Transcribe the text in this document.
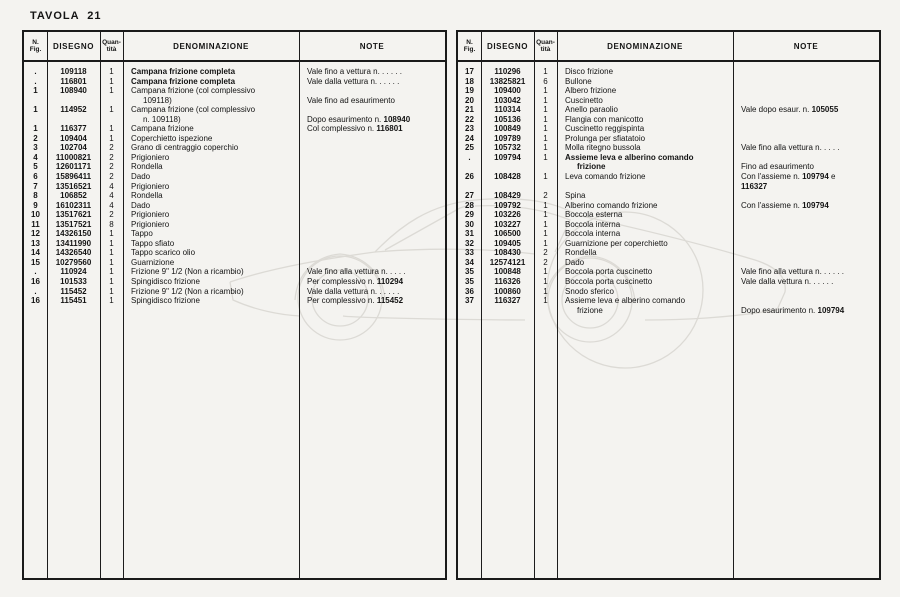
TAVOLA  21
N.
Fig. DISEGNO Quan-
tità	DENOMINAZIONE	NOTE
.	109118	1	Campana frizione completa	Vale fino a vettura n. . . . . .
.	116801	1	Campana frizione completa	Vale dalla vettura n. . . . . .
1	108940	1	Campana frizione (col complessivo
109118)	Vale fino ad esaurimento
1	114952	1	Campana frizione (col complessivo
n. 109118)	Dopo esaurimento n. 108940
1	116377	1	Campana frizione	Col complessivo n. 116801
2	109404	1	Coperchietto ispezione
3	102704	2	Grano di centraggio coperchio
4	11000821	2	Prigioniero
5	12601171	2	Rondella
6	15896411	2	Dado
7	13516521	4	Prigioniero
8	106852	4	Rondella
9	16102311	4	Dado
10	13517621	2	Prigioniero
11	13517521	8	Prigioniero
12	14326150	1	Tappo
13	13411990	1	Tappo sfiato
14	14326540	1	Tappo scarico olio
15	10279560	1	Guarnizione
.	110924	1	Frizione 9" 1/2 (Non a ricambio)	Vale fino alla vettura n. . . . .
16	101533	1	Spingidisco frizione	Per complessivo n. 110294
.	115452	1	Frizione 9" 1/2 (Non a ricambio)	Vale dalla vettura n. . . . . .
16	115451	1	Spingidisco frizione	Per complessivo n. 115452
N.
Fig. DISEGNO Quan-
tità	DENOMINAZIONE	NOTE
17	110296	1	Disco frizione
18	13825821	6	Bullone
19	109400	1	Albero frizione
20	103042	1	Cuscinetto
21	110314	1	Anello paraolio	Vale dopo esaur. n. 105055
22	105136	1	Flangia con manicotto
23	100849	1	Cuscinetto reggispinta
24	109789	1	Prolunga per sfiatatoio
25	105732	1	Molla ritegno bussola	Vale fino alla vettura n. . . . .
.	109794	1	Assieme leva e alberino comando
frizione	Fino ad esaurimento
26	108428	1	Leva comando frizione	Con l'assieme n. 109794 e
116327
27	108429	2	Spina
28	109792	1	Alberino comando frizione	Con l'assieme n. 109794
29	103226	1	Boccola esterna
30	103227	1	Boccola interna
31	106500	1	Boccola interna
32	109405	1	Guarnizione per coperchietto
33	108430	2	Rondella
34	12574121	2	Dado
35	100848	1	Boccola porta cuscinetto	Vale fino alla vettura n. . . . . .
35	116326	1	Boccola porta cuscinetto	Vale dalla vettura n. . . . . .
36	100860	1	Snodo sferico
37	116327	1	Assieme leva e alberino comando
frizione	Dopo esaurimento n. 109794
